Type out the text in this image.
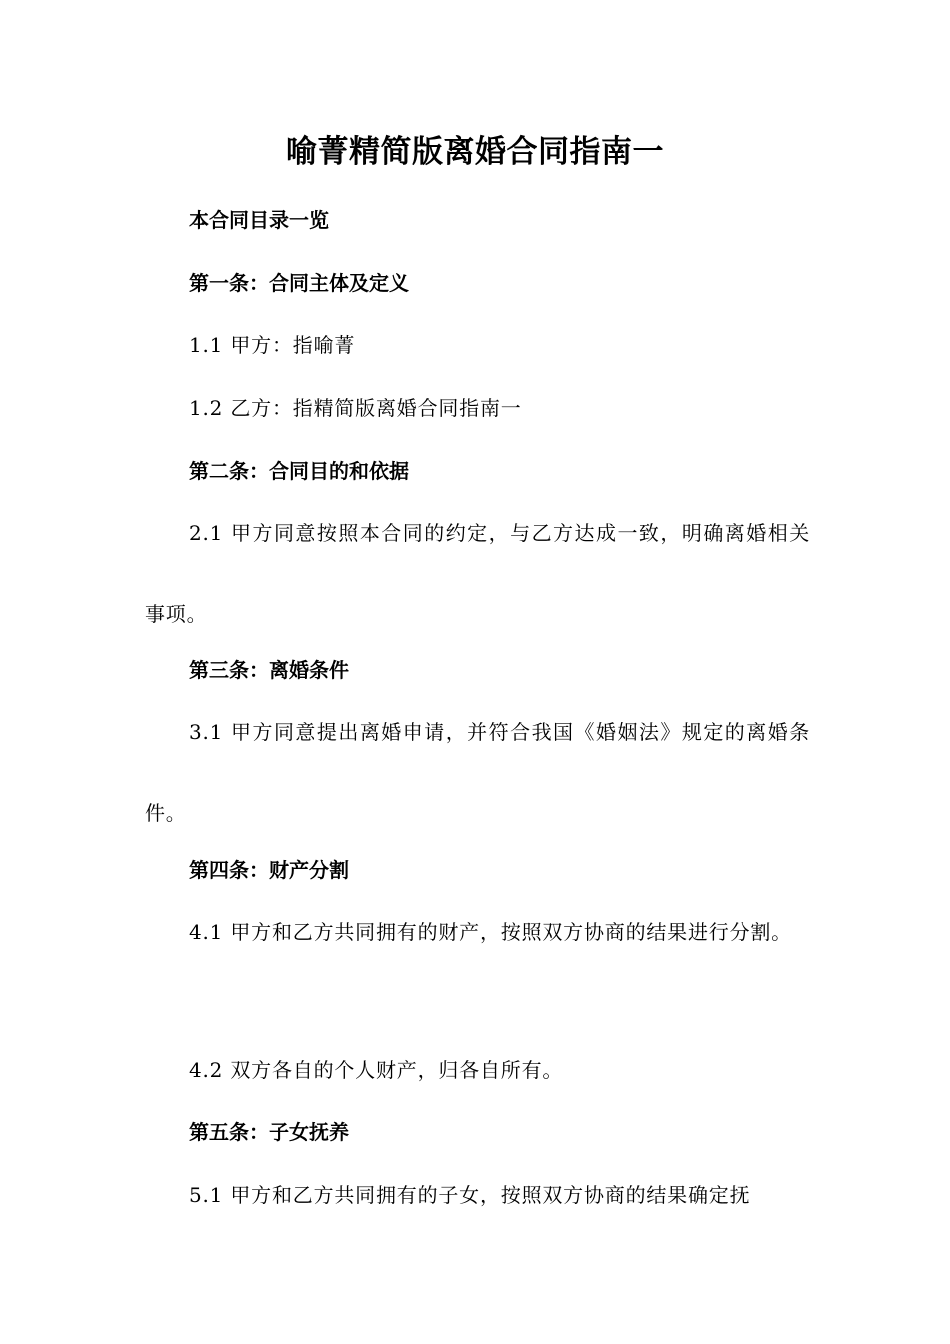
喻菁精简版离婚合同指南一
本合同目录一览
第一条：合同主体及定义
1.1 甲方：指喻菁
1.2 乙方：指精简版离婚合同指南一
第二条：合同目的和依据
2.1 甲方同意按照本合同的约定，与乙方达成一致，明确离婚相关事项。
第三条：离婚条件
3.1 甲方同意提出离婚申请，并符合我国《婚姻法》规定的离婚条件。
第四条：财产分割
4.1 甲方和乙方共同拥有的财产，按照双方协商的结果进行分割。
4.2 双方各自的个人财产，归各自所有。
第五条：子女抚养
5.1 甲方和乙方共同拥有的子女，按照双方协商的结果确定抚
